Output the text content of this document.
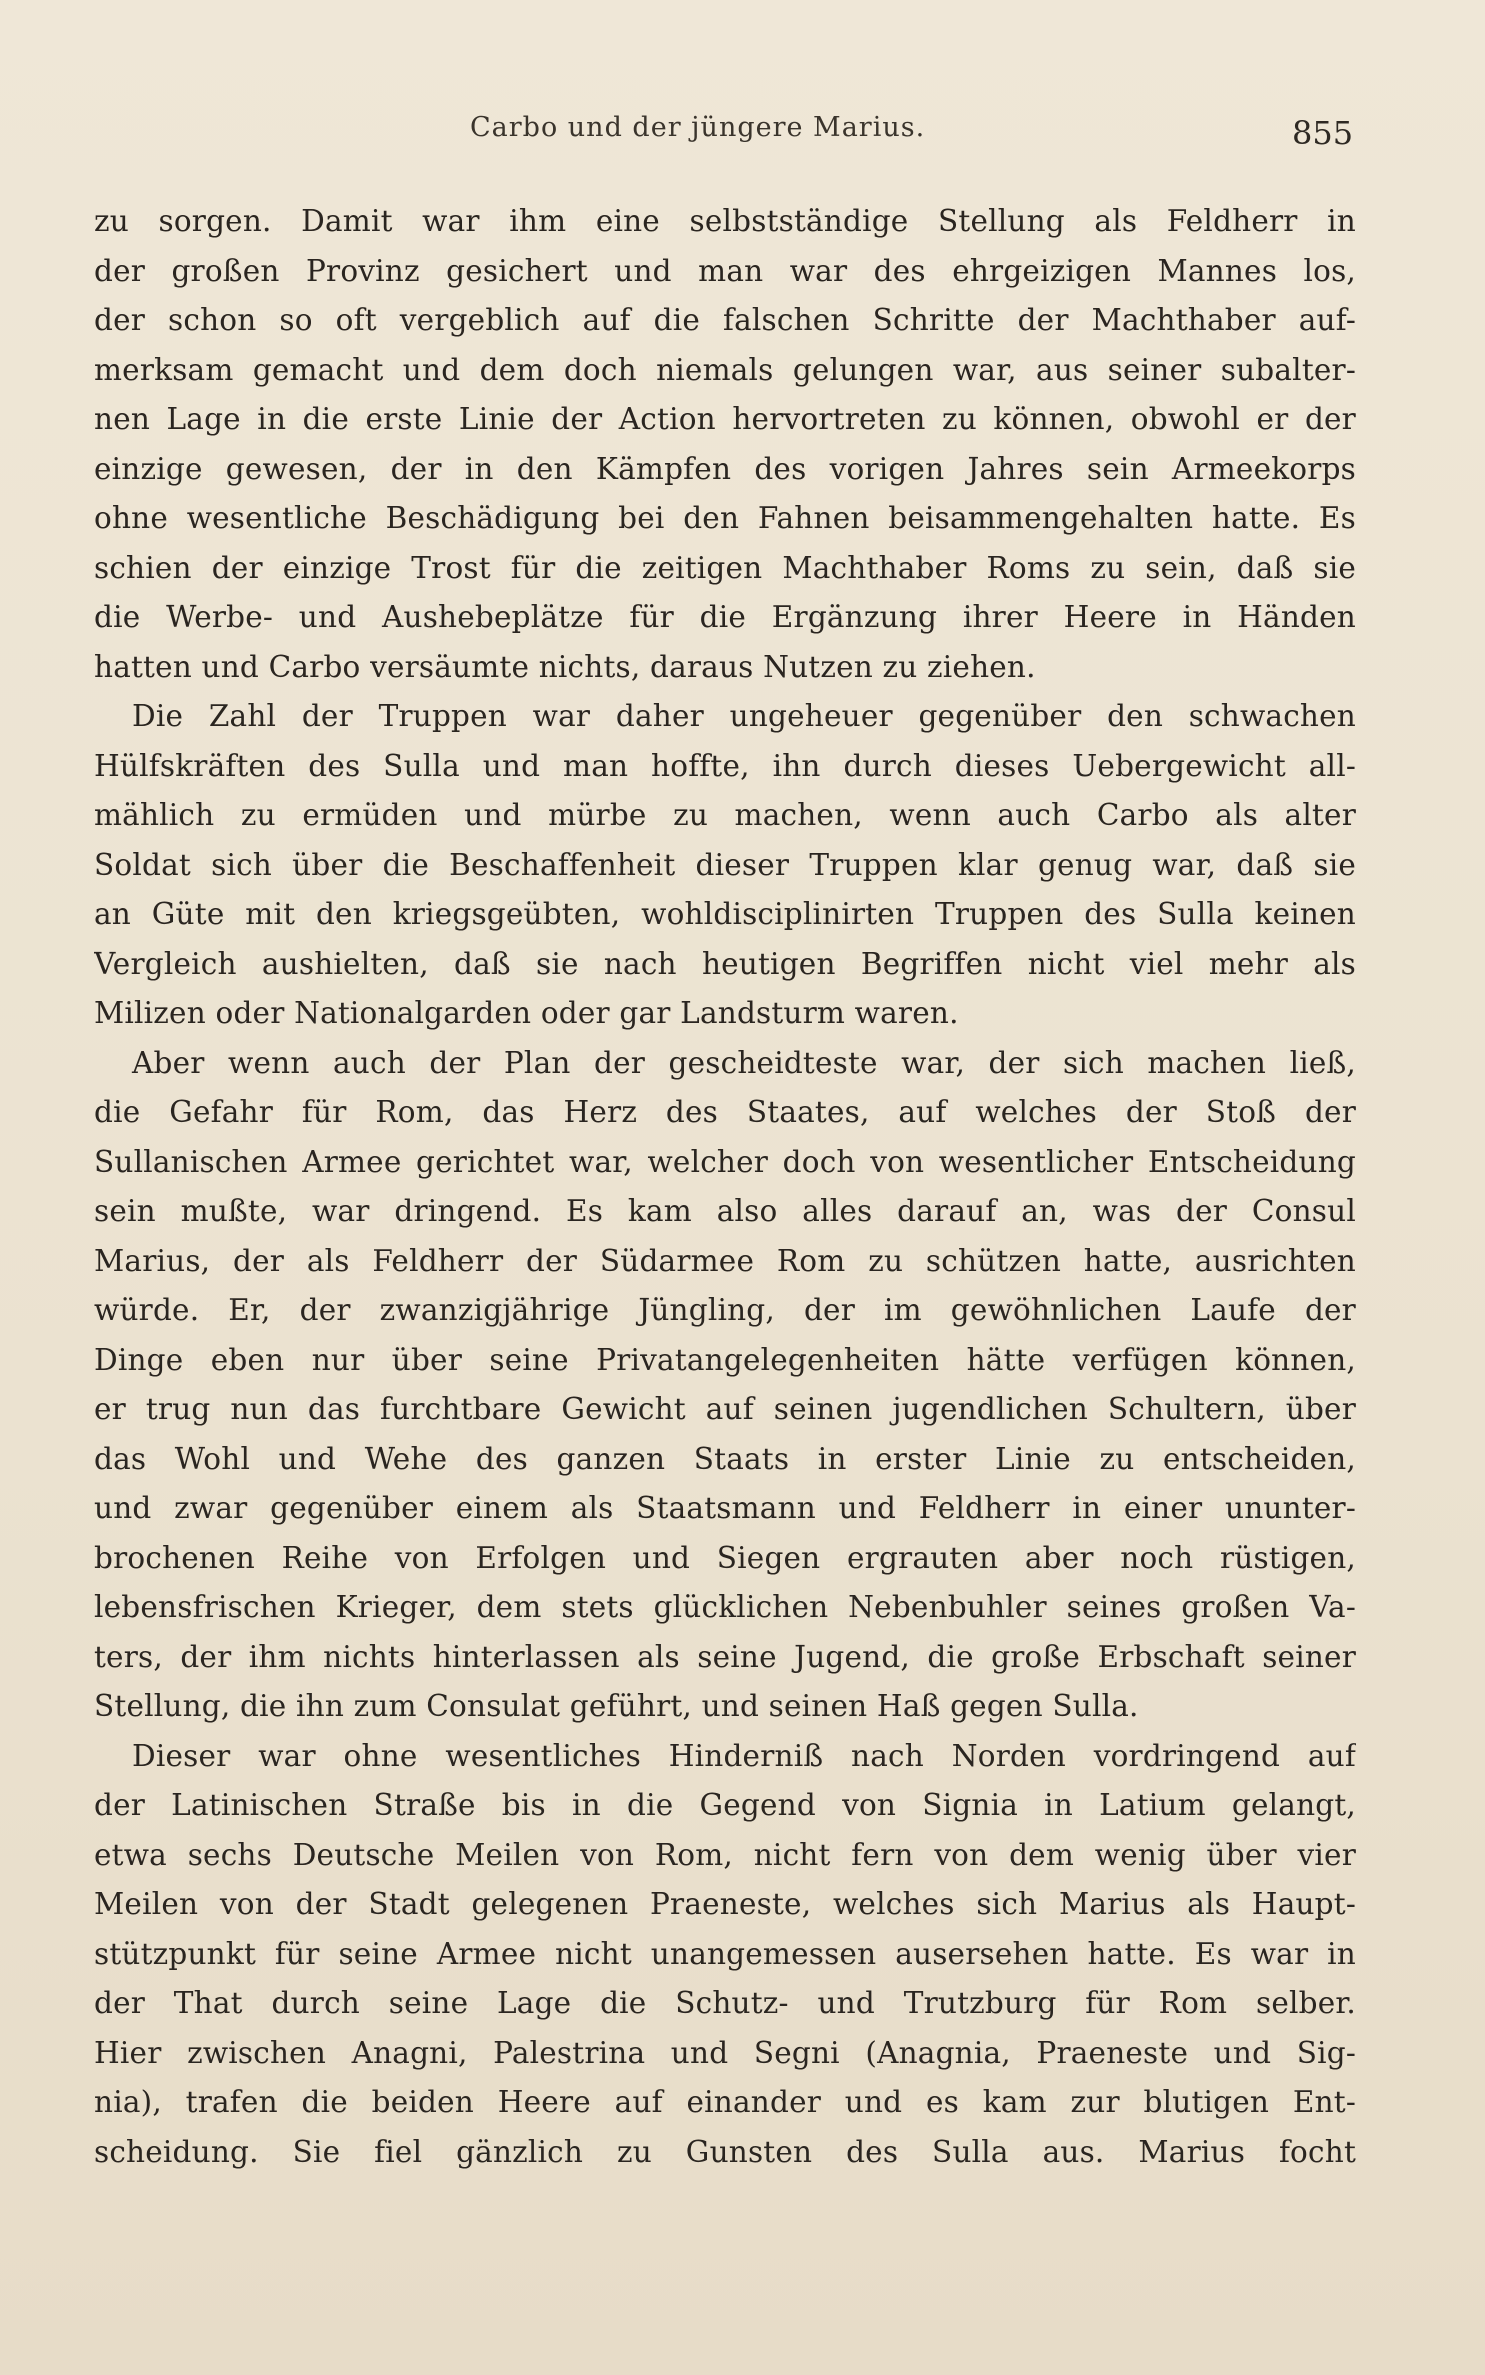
Carbo und der jüngere Marius.	855
zu sorgen. Damit war ihm eine selbstständige Stellung als Feldherr in
der großen Provinz gesichert und man war des ehrgeizigen Mannes los,
der schon so oft vergeblich auf die falschen Schritte der Machthaber auf-
merksam gemacht und dem doch niemals gelungen war, aus seiner subalter-
nen Lage in die erste Linie der Action hervortreten zu können, obwohl er der
einzige gewesen, der in den Kämpfen des vorigen Jahres sein Armeekorps
ohne wesentliche Beschädigung bei den Fahnen beisammengehalten hatte. Es
schien der einzige Trost für die zeitigen Machthaber Roms zu sein, daß sie
die Werbe- und Aushebeplätze für die Ergänzung ihrer Heere in Händen
hatten und Carbo versäumte nichts, daraus Nutzen zu ziehen.
Die Zahl der Truppen war daher ungeheuer gegenüber den schwachen
Hülfskräften des Sulla und man hoffte, ihn durch dieses Uebergewicht all-
mählich zu ermüden und mürbe zu machen, wenn auch Carbo als alter
Soldat sich über die Beschaffenheit dieser Truppen klar genug war, daß sie
an Güte mit den kriegsgeübten, wohldisciplinirten Truppen des Sulla keinen
Vergleich aushielten, daß sie nach heutigen Begriffen nicht viel mehr als
Milizen oder Nationalgarden oder gar Landsturm waren.
Aber wenn auch der Plan der gescheidteste war, der sich machen ließ,
die Gefahr für Rom, das Herz des Staates, auf welches der Stoß der
Sullanischen Armee gerichtet war, welcher doch von wesentlicher Entscheidung
sein mußte, war dringend. Es kam also alles darauf an, was der Consul
Marius, der als Feldherr der Südarmee Rom zu schützen hatte, ausrichten
würde. Er, der zwanzigjährige Jüngling, der im gewöhnlichen Laufe der
Dinge eben nur über seine Privatangelegenheiten hätte verfügen können,
er trug nun das furchtbare Gewicht auf seinen jugendlichen Schultern, über
das Wohl und Wehe des ganzen Staats in erster Linie zu entscheiden,
und zwar gegenüber einem als Staatsmann und Feldherr in einer ununter-
brochenen Reihe von Erfolgen und Siegen ergrauten aber noch rüstigen,
lebensfrischen Krieger, dem stets glücklichen Nebenbuhler seines großen Va-
ters, der ihm nichts hinterlassen als seine Jugend, die große Erbschaft seiner
Stellung, die ihn zum Consulat geführt, und seinen Haß gegen Sulla.
Dieser war ohne wesentliches Hinderniß nach Norden vordringend auf
der Latinischen Straße bis in die Gegend von Signia in Latium gelangt,
etwa sechs Deutsche Meilen von Rom, nicht fern von dem wenig über vier
Meilen von der Stadt gelegenen Praeneste, welches sich Marius als Haupt-
stützpunkt für seine Armee nicht unangemessen ausersehen hatte. Es war in
der That durch seine Lage die Schutz- und Trutzburg für Rom selber.
Hier zwischen Anagni, Palestrina und Segni (Anagnia, Praeneste und Sig-
nia), trafen die beiden Heere auf einander und es kam zur blutigen Ent-
scheidung. Sie fiel gänzlich zu Gunsten des Sulla aus. Marius focht
